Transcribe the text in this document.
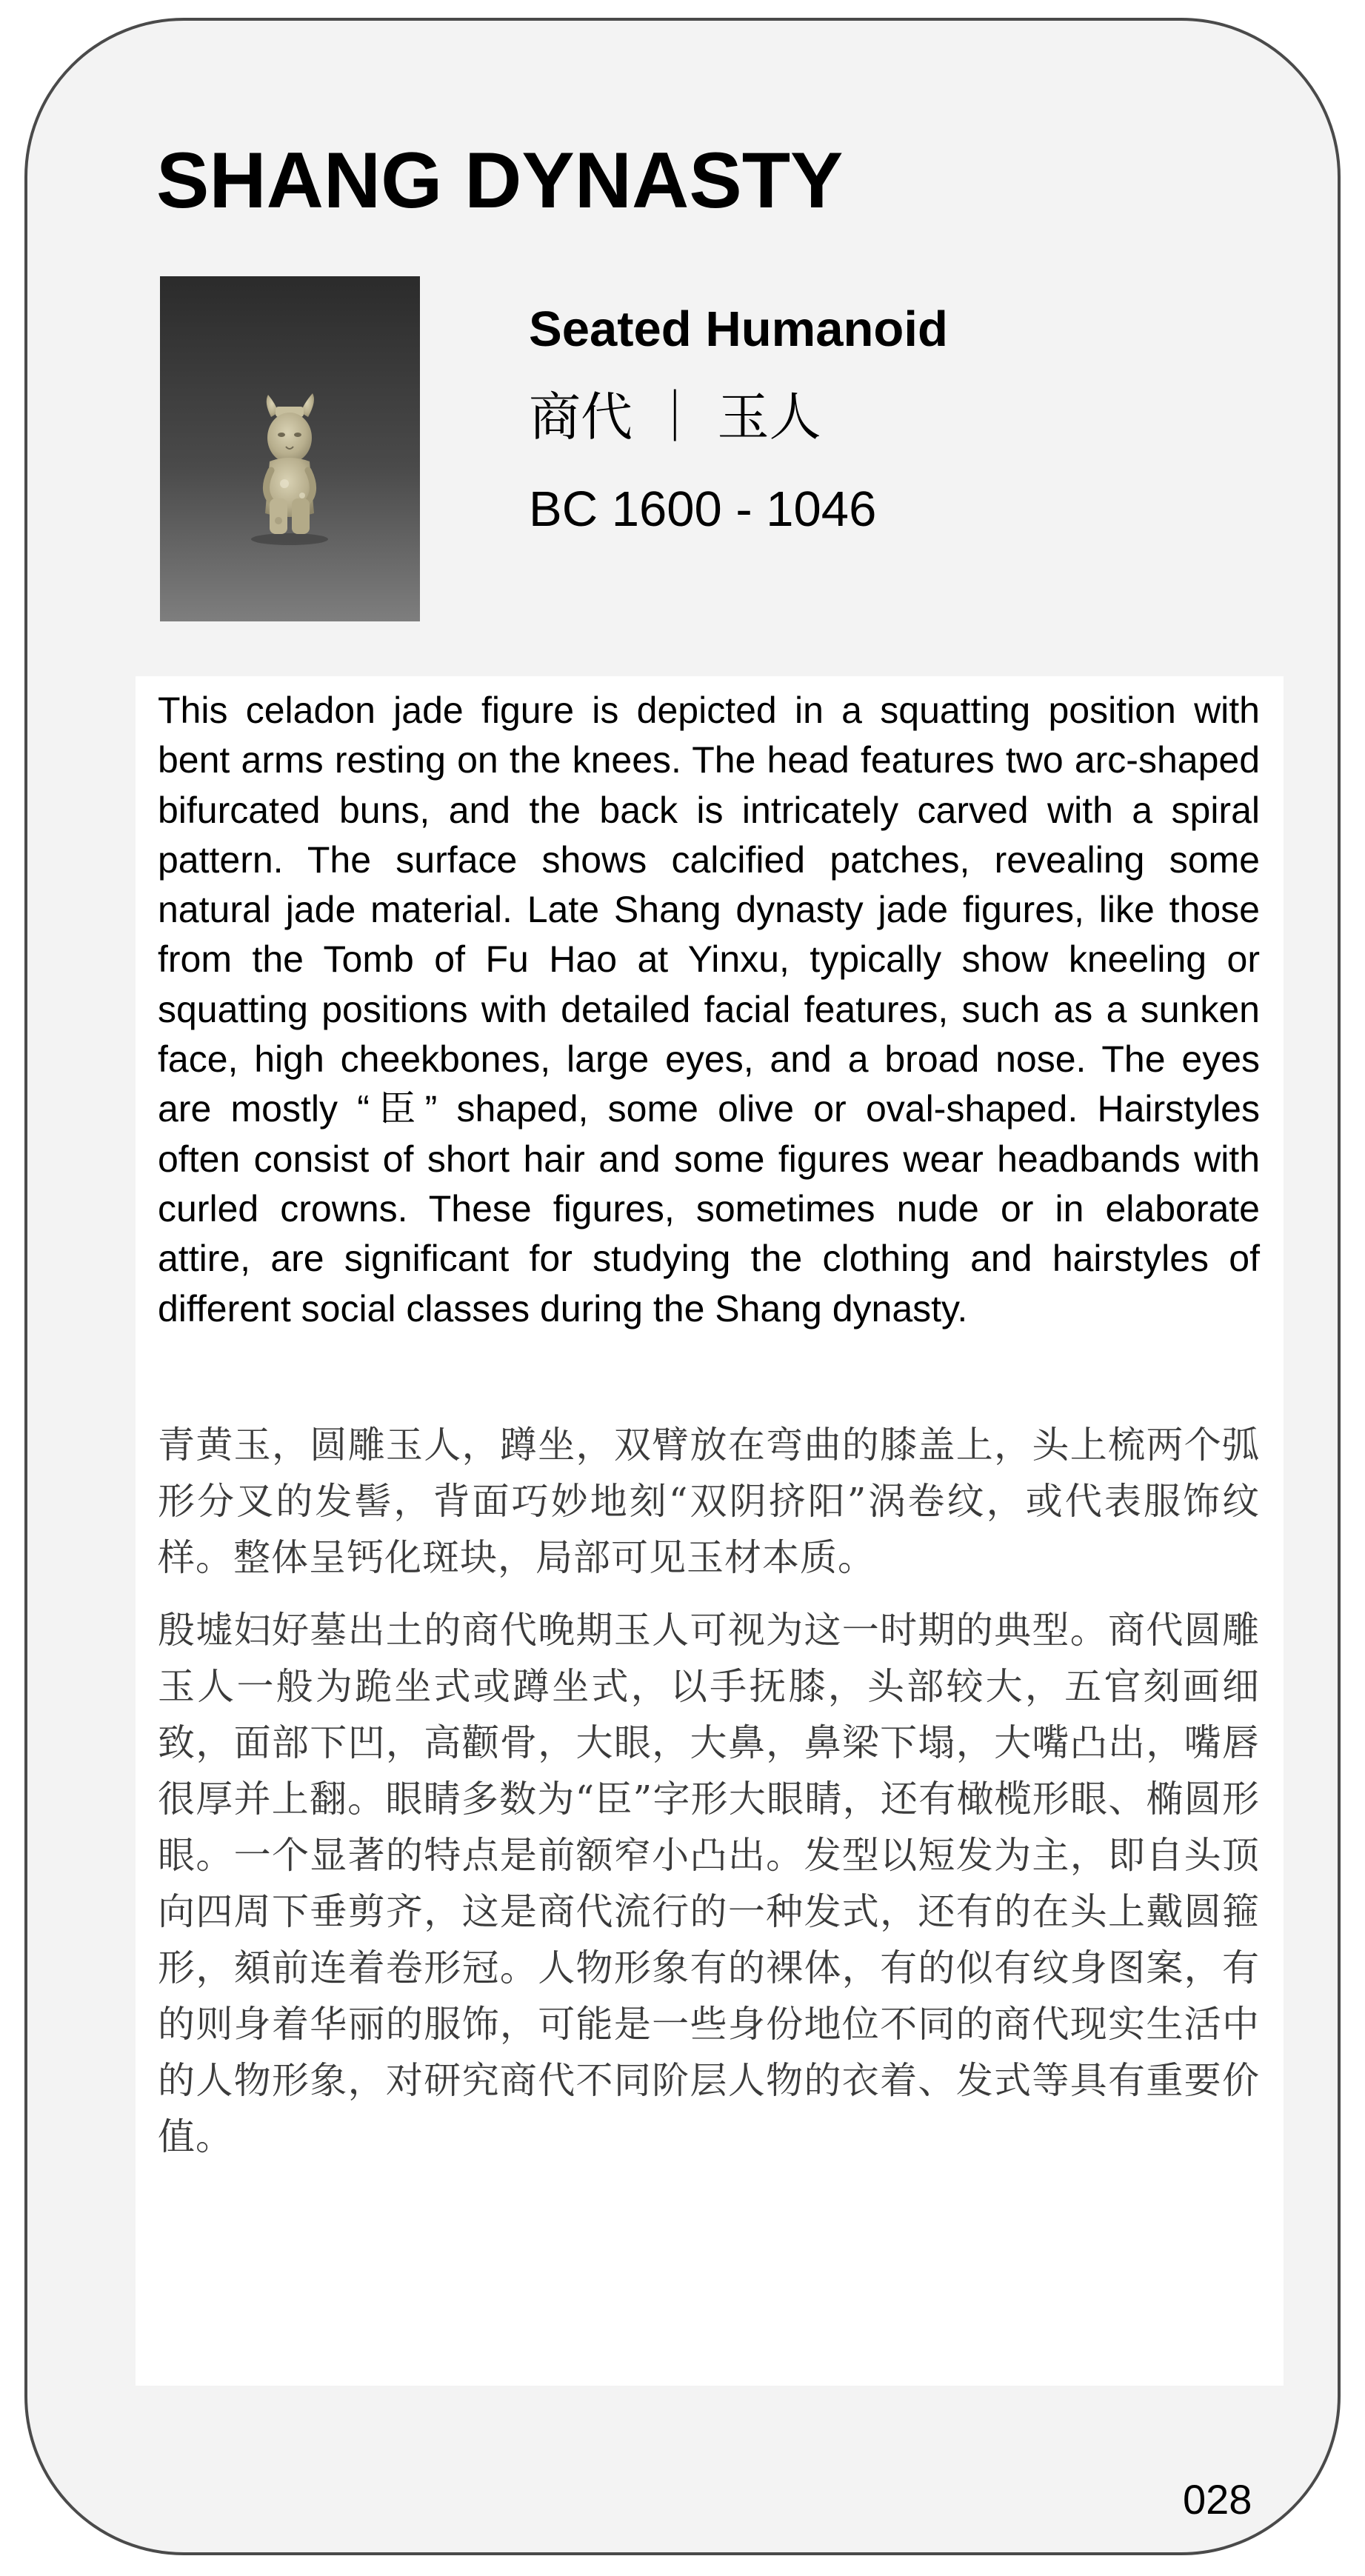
SHANG DYNASTY
Seated Humanoid
商代 ｜ 玉人
BC 1600 - 1046

This celadon jade figure is depicted in a squatting position with bent arms resting on the knees. The head features two arc-shaped bifurcated buns, and the back is intricately carved with a spiral pattern. The surface shows calcified patches, revealing some natural jade material. Late Shang dynasty jade figures, like those from the Tomb of Fu Hao at Yinxu, typically show kneeling or squatting positions with detailed facial features, such as a sunken face, high cheekbones, large eyes, and a broad nose. The eyes are mostly “臣” shaped, some olive or oval-shaped. Hairstyles often consist of short hair and some figures wear headbands with curled crowns. These figures, sometimes nude or in elaborate attire, are significant for studying the clothing and hairstyles of different social classes during the Shang dynasty.

青黄玉，圆雕玉人，蹲坐，双臂放在弯曲的膝盖上，头上梳两个弧形分叉的发髻，背面巧妙地刻“双阴挤阳”涡卷纹，或代表服饰纹样。整体呈钙化斑块，局部可见玉材本质。

殷墟妇好墓出土的商代晚期玉人可视为这一时期的典型。商代圆雕玉人一般为跪坐式或蹲坐式，以手抚膝，头部较大，五官刻画细致，面部下凹，高颧骨，大眼，大鼻，鼻梁下塌，大嘴凸出，嘴唇很厚并上翻。眼睛多数为“臣”字形大眼睛，还有橄榄形眼、椭圆形眼。一个显著的特点是前额窄小凸出。发型以短发为主，即自头顶向四周下垂剪齐，这是商代流行的一种发式，还有的在头上戴圆箍形，頦前连着卷形冠。人物形象有的裸体，有的似有纹身图案，有的则身着华丽的服饰，可能是一些身份地位不同的商代现实生活中的人物形象，对研究商代不同阶层人物的衣着、发式等具有重要价值。

028
